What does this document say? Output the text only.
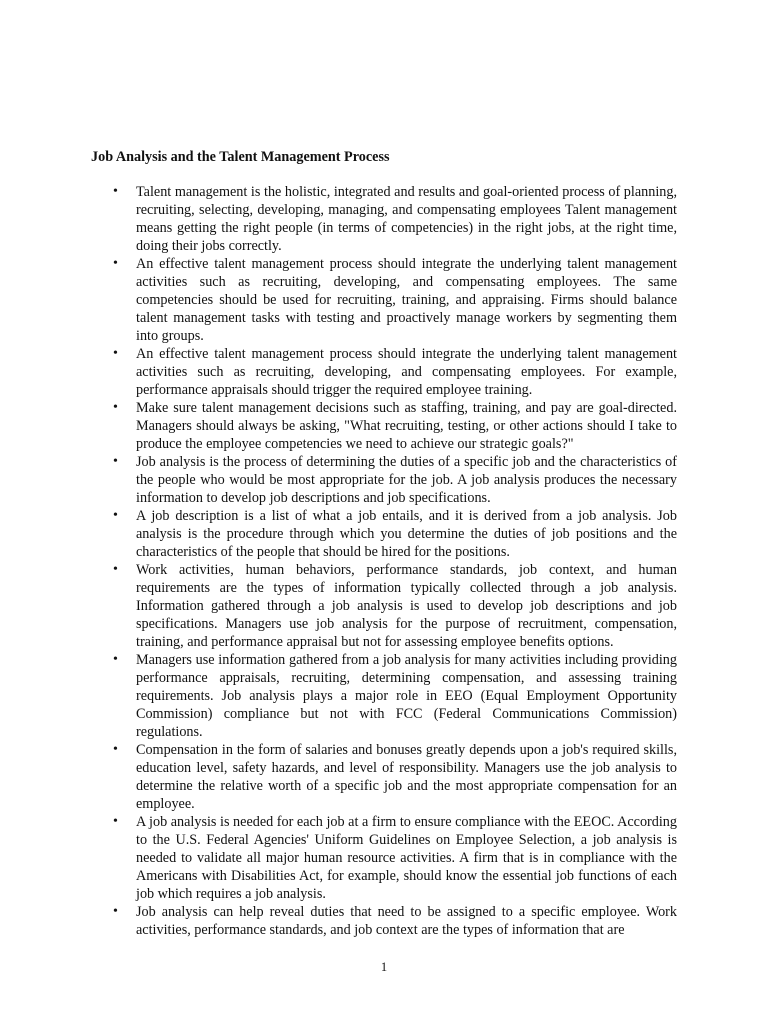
Job Analysis and the Talent Management Process
• Talent management is the holistic, integrated and results and goal-oriented process of planning, recruiting, selecting, developing, managing, and compensating employees Talent management means getting the right people (in terms of competencies) in the right jobs, at the right time, doing their jobs correctly.
• An effective talent management process should integrate the underlying talent management activities such as recruiting, developing, and compensating employees. The same competencies should be used for recruiting, training, and appraising. Firms should balance talent management tasks with testing and proactively manage workers by segmenting them into groups.
• An effective talent management process should integrate the underlying talent management activities such as recruiting, developing, and compensating employees. For example, performance appraisals should trigger the required employee training.
• Make sure talent management decisions such as staffing, training, and pay are goal-directed. Managers should always be asking, "What recruiting, testing, or other actions should I take to produce the employee competencies we need to achieve our strategic goals?"
• Job analysis is the process of determining the duties of a specific job and the characteristics of the people who would be most appropriate for the job. A job analysis produces the necessary information to develop job descriptions and job specifications.
• A job description is a list of what a job entails, and it is derived from a job analysis. Job analysis is the procedure through which you determine the duties of job positions and the characteristics of the people that should be hired for the positions.
• Work activities, human behaviors, performance standards, job context, and human requirements are the types of information typically collected through a job analysis. Information gathered through a job analysis is used to develop job descriptions and job specifications. Managers use job analysis for the purpose of recruitment, compensation, training, and performance appraisal but not for assessing employee benefits options.
• Managers use information gathered from a job analysis for many activities including providing performance appraisals, recruiting, determining compensation, and assessing training requirements. Job analysis plays a major role in EEO (Equal Employment Opportunity Commission) compliance but not with FCC (Federal Communications Commission) regulations.
• Compensation in the form of salaries and bonuses greatly depends upon a job's required skills, education level, safety hazards, and level of responsibility. Managers use the job analysis to determine the relative worth of a specific job and the most appropriate compensation for an employee.
• A job analysis is needed for each job at a firm to ensure compliance with the EEOC. According to the U.S. Federal Agencies' Uniform Guidelines on Employee Selection, a job analysis is needed to validate all major human resource activities. A firm that is in compliance with the Americans with Disabilities Act, for example, should know the essential job functions of each job which requires a job analysis.
• Job analysis can help reveal duties that need to be assigned to a specific employee. Work activities, performance standards, and job context are the types of information that are
1
